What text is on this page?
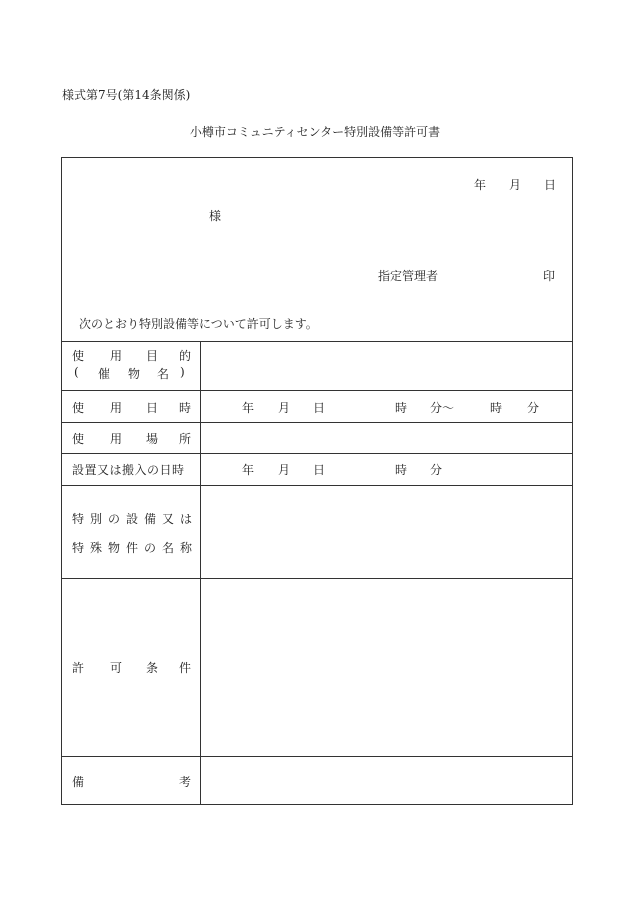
様式第7号(第14条関係)
小樽市コミュニティセンター特別設備等許可書
年 月 日
様
指定管理者	印
次のとおり特別設備等について許可します。
使 用 目 的
( 催 物 名 )
使 用 日 時	年 月 日	時 分〜	時 分
使 用 場 所
設置又は搬入の日時	年 月 日	時 分
特 別 の 設 備 又 は
特 殊 物 件 の 名 称
許 可 条 件
備	考
